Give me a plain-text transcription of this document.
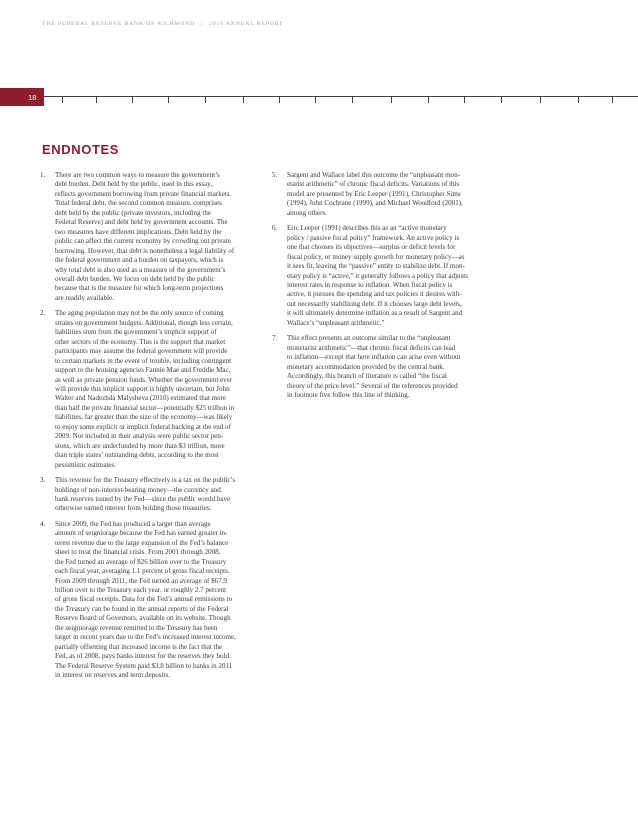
THE FEDERAL RESERVE BANK OF RICHMOND | 2011 ANNUAL REPORT
18
ENDNOTES
1.	There are two common ways to measure the government’s
debt burden. Debt held by the public, used in this essay,
reflects government borrowing from private financial markets.
Total federal debt, the second common measure, comprises
debt held by the public (private investors, including the
Federal Reserve) and debt held by government accounts. The
two measures have different implications. Debt held by the
public can affect the current economy by crowding out private
borrowing. However, that debt is nonetheless a legal liability of
the federal government and a burden on taxpayers, which is
why total debt is also used as a measure of the government’s
overall debt burden. We focus on debt held by the public
because that is the measure for which long-term projections
are readily available.
2.	The aging population may not be the only source of coming
strains on government budgets. Additional, though less certain,
liabilities stem from the government’s implicit support of
other sectors of the economy. This is the support that market
participants may assume the federal government will provide
to certain markets in the event of trouble, including contingent
support to the housing agencies Fannie Mae and Freddie Mac,
as well as private pension funds. Whether the government ever
will provide this implicit support is highly uncertain, but John
Walter and Nadezhda Malysheva (2010) estimated that more
than half the private financial sector—potentially $25 trillion in
liabilities, far greater than the size of the economy—was likely
to enjoy some explicit or implicit federal backing at the end of
2009. Not included in their analysis were public sector pen-
sions, which are underfunded by more than $3 trillion, more
than triple states’ outstanding debts, according to the most
pessimistic estimates.
3.	This revenue for the Treasury effectively is a tax on the public’s
holdings of non-interest-bearing money—the currency and
bank reserves issued by the Fed—since the public would have
otherwise earned interest from holding those treasuries.
4.	Since 2009, the Fed has produced a larger than average
amount of seigniorage because the Fed has earned greater in-
terest revenue due to the large expansion of the Fed’s balance
sheet to treat the financial crisis. From 2001 through 2008,
the Fed turned an average of $26 billion over to the Treasury
each fiscal year, averaging 1.1 percent of gross fiscal receipts.
From 2009 through 2011, the Fed turned an average of $67.9
billion over to the Treasury each year, or roughly 2.7 percent
of gross fiscal receipts. Data for the Fed’s annual remissions to
the Treasury can be found in the annual reports of the Federal
Reserve Board of Governors, available on its website. Though
the seigniorage revenue remitted to the Treasury has been
larger in recent years due to the Fed’s increased interest income,
partially offsetting that increased income is the fact that the
Fed, as of 2008, pays banks interest for the reserves they hold.
The Federal Reserve System paid $3.8 billion to banks in 2011
in interest on reserves and term deposits.
5.	Sargent and Wallace label this outcome the “unpleasant mon-
etarist arithmetic” of chronic fiscal deficits. Variations of this
model are presented by Eric Leeper (1991), Christopher Sims
(1994), John Cochrane (1999), and Michael Woodford (2001),
among others.
6.	Eric Leeper (1991) describes this as an “active monetary
policy / passive fiscal policy” framework. An active policy is
one that chooses its objectives—surplus or deficit levels for
fiscal policy, or money supply growth for monetary policy—as
it sees fit, leaving the “passive” entity to stabilize debt. If mon-
etary policy is “active,” it generally follows a policy that adjusts
interest rates in response to inflation. When fiscal policy is
active, it pursues the spending and tax policies it desires with-
out necessarily stabilizing debt. If it chooses large debt levels,
it will ultimately determine inflation as a result of Sargent and
Wallace’s “unpleasant arithmetic.”
7.	This effect presents an outcome similar to the “unpleasant
monetarist arithmetic”—that chronic fiscal deficits can lead
to inflation—except that here inflation can arise even without
monetary accommodation provided by the central bank.
Accordingly, this branch of literature is called “the fiscal
theory of the price level.” Several of the references provided
in footnote five follow this line of thinking.
